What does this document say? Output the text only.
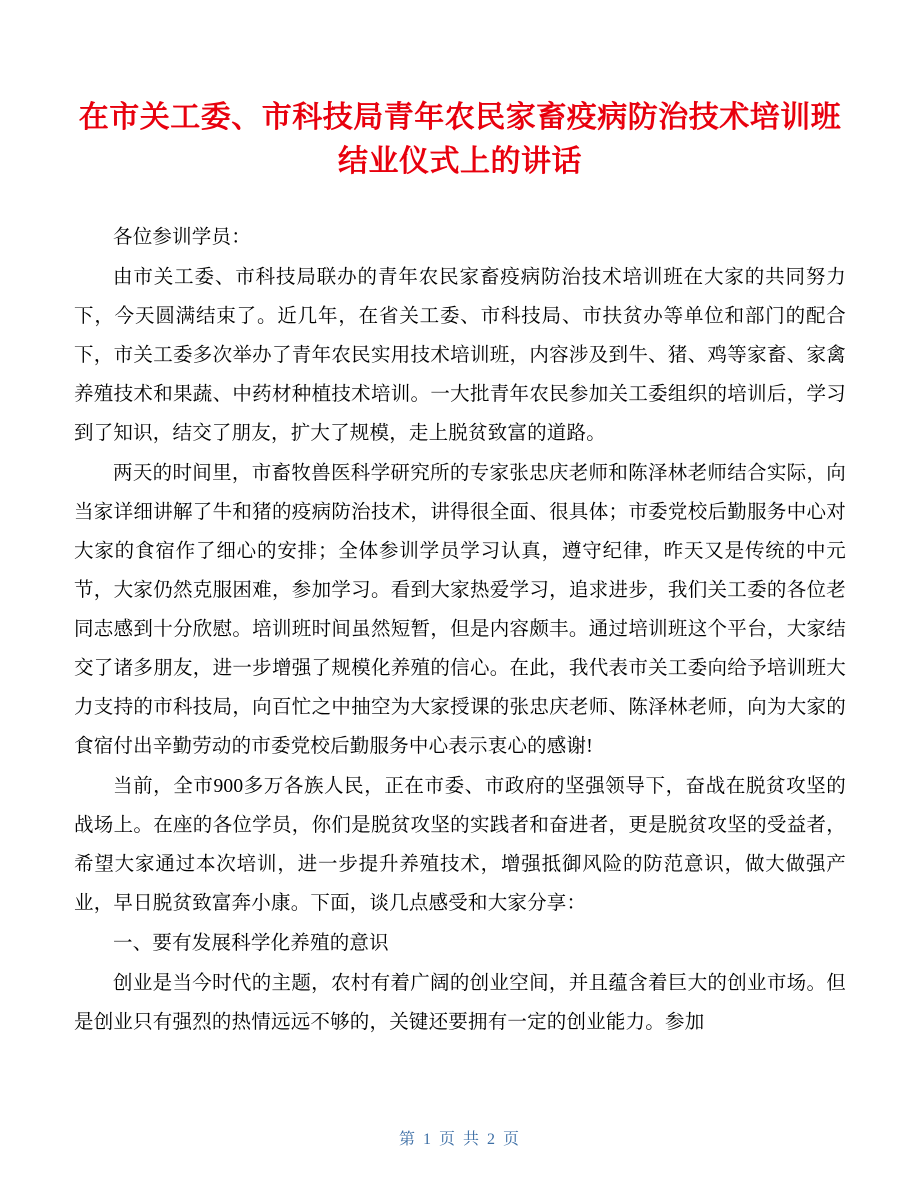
在市关工委、市科技局青年农民家畜疫病防治技术培训班结业仪式上的讲话

各位参训学员：

由市关工委、市科技局联办的青年农民家畜疫病防治技术培训班在大家的共同努力下，今天圆满结束了。近几年，在省关工委、市科技局、市扶贫办等单位和部门的配合下，市关工委多次举办了青年农民实用技术培训班，内容涉及到牛、猪、鸡等家畜、家禽养殖技术和果蔬、中药材种植技术培训。一大批青年农民参加关工委组织的培训后，学习到了知识，结交了朋友，扩大了规模，走上脱贫致富的道路。

两天的时间里，市畜牧兽医科学研究所的专家张忠庆老师和陈泽林老师结合实际，向当家详细讲解了牛和猪的疫病防治技术，讲得很全面、很具体；市委党校后勤服务中心对大家的食宿作了细心的安排；全体参训学员学习认真，遵守纪律，昨天又是传统的中元节，大家仍然克服困难，参加学习。看到大家热爱学习，追求进步，我们关工委的各位老同志感到十分欣慰。培训班时间虽然短暂，但是内容颇丰。通过培训班这个平台，大家结交了诸多朋友，进一步增强了规模化养殖的信心。在此，我代表市关工委向给予培训班大力支持的市科技局，向百忙之中抽空为大家授课的张忠庆老师、陈泽林老师，向为大家的食宿付出辛勤劳动的市委党校后勤服务中心表示衷心的感谢!

当前，全市900多万各族人民，正在市委、市政府的坚强领导下，奋战在脱贫攻坚的战场上。在座的各位学员，你们是脱贫攻坚的实践者和奋进者，更是脱贫攻坚的受益者，希望大家通过本次培训，进一步提升养殖技术，增强抵御风险的防范意识，做大做强产业，早日脱贫致富奔小康。下面，谈几点感受和大家分享：

一、要有发展科学化养殖的意识

创业是当今时代的主题，农村有着广阔的创业空间，并且蕴含着巨大的创业市场。但是创业只有强烈的热情远远不够的，关键还要拥有一定的创业能力。参加

第 1 页 共 2 页
